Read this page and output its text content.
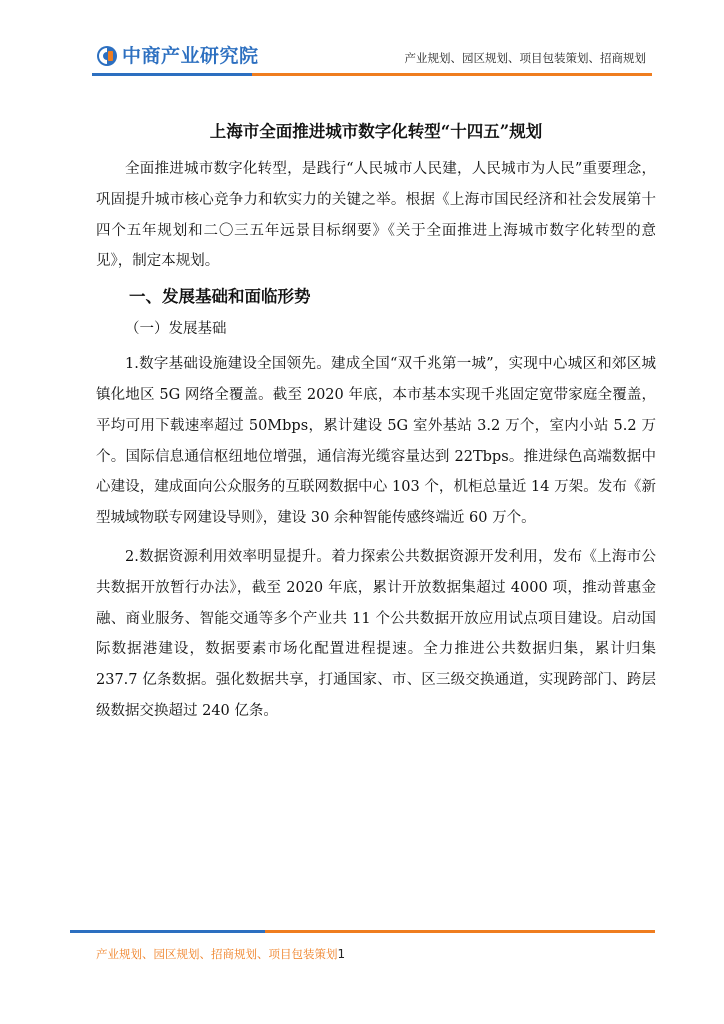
中商产业研究院	产业规划、园区规划、项目包装策划、招商规划
上海市全面推进城市数字化转型“十四五”规划

全面推进城市数字化转型，是践行“人民城市人民建，人民城市为人民”重要理念，巩固提升城市核心竞争力和软实力的关键之举。根据《上海市国民经济和社会发展第十四个五年规划和二〇三五年远景目标纲要》《关于全面推进上海城市数字化转型的意见》，制定本规划。

一、发展基础和面临形势
（一）发展基础

1.数字基础设施建设全国领先。建成全国“双千兆第一城”，实现中心城区和郊区城镇化地区 5G 网络全覆盖。截至 2020 年底，本市基本实现千兆固定宽带家庭全覆盖，平均可用下载速率超过 50Mbps，累计建设 5G 室外基站 3.2 万个，室内小站 5.2 万个。国际信息通信枢纽地位增强，通信海光缆容量达到 22Tbps。推进绿色高端数据中心建设，建成面向公众服务的互联网数据中心 103 个，机柜总量近 14 万架。发布《新型城域物联专网建设导则》，建设 30 余种智能传感终端近 60 万个。

2.数据资源利用效率明显提升。着力探索公共数据资源开发利用，发布《上海市公共数据开放暂行办法》，截至 2020 年底，累计开放数据集超过 4000 项，推动普惠金融、商业服务、智能交通等多个产业共 11 个公共数据开放应用试点项目建设。启动国际数据港建设，数据要素市场化配置进程提速。全力推进公共数据归集，累计归集 237.7 亿条数据。强化数据共享，打通国家、市、区三级交换通道，实现跨部门、跨层级数据交换超过 240 亿条。

产业规划、园区规划、招商规划、项目包装策划1
